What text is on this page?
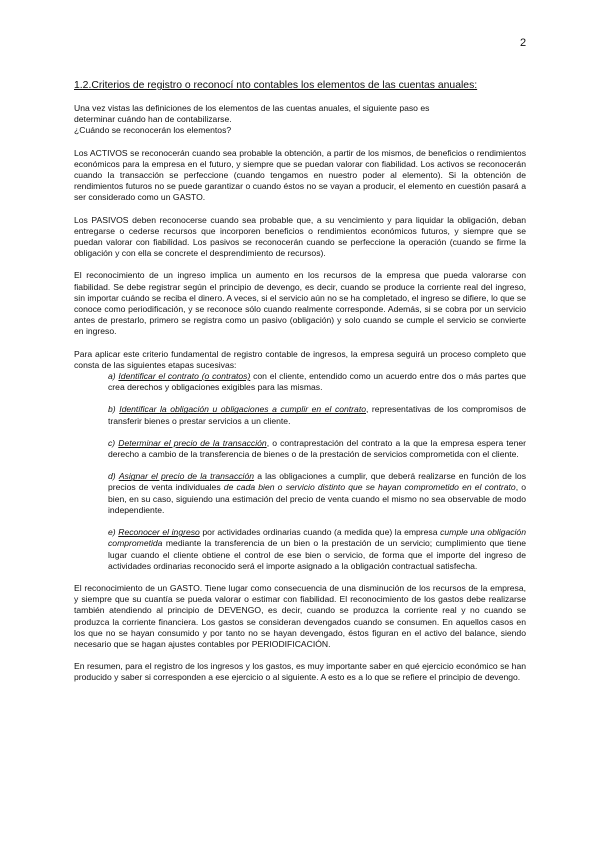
2

1.2.Criterios de registro o reconocí nto contables los elementos de las cuentas anuales:

Una vez vistas las definiciones de los elementos de las cuentas anuales, el siguiente paso es
determinar cuándo han de contabilizarse.
¿Cuándo se reconocerán los elementos?

Los ACTIVOS se reconocerán cuando sea probable la obtención, a partir de los mismos, de beneficios o rendimientos económicos para la empresa en el futuro, y siempre que se puedan valorar con fiabilidad. Los activos se reconocerán cuando la transacción se perfeccione (cuando tengamos en nuestro poder al elemento). Si la obtención de rendimientos futuros no se puede garantizar o cuando éstos no se vayan a producir, el elemento en cuestión pasará a ser considerado como un GASTO.

Los PASIVOS deben reconocerse cuando sea probable que, a su vencimiento y para liquidar la obligación, deban entregarse o cederse recursos que incorporen beneficios o rendimientos económicos futuros, y siempre que se puedan valorar con fiabilidad. Los pasivos se reconocerán cuando se perfeccione la operación (cuando se firme la obligación y con ella se concrete el desprendimiento de recursos).

El reconocimiento de un ingreso implica un aumento en los recursos de la empresa que pueda valorarse con fiabilidad. Se debe registrar según el principio de devengo, es decir, cuando se produce la corriente real del ingreso, sin importar cuándo se reciba el dinero. A veces, si el servicio aún no se ha completado, el ingreso se difiere, lo que se conoce como periodificación, y se reconoce sólo cuando realmente corresponde. Además, si se cobra por un servicio antes de prestarlo, primero se registra como un pasivo (obligación) y solo cuando se cumple el servicio se convierte en ingreso.

Para aplicar este criterio fundamental de registro contable de ingresos, la empresa seguirá un proceso completo que consta de las siguientes etapas sucesivas:

a) Identificar el contrato (o contratos) con el cliente, entendido como un acuerdo entre dos o más partes que crea derechos y obligaciones exigibles para las mismas.

b) Identificar la obligación u obligaciones a cumplir en el contrato, representativas de los compromisos de transferir bienes o prestar servicios a un cliente.

c) Determinar el precio de la transacción, o contraprestación del contrato a la que la empresa espera tener derecho a cambio de la transferencia de bienes o de la prestación de servicios comprometida con el cliente.

d) Asignar el precio de la transacción a las obligaciones a cumplir, que deberá realizarse en función de los precios de venta individuales de cada bien o servicio distinto que se hayan comprometido en el contrato, o bien, en su caso, siguiendo una estimación del precio de venta cuando el mismo no sea observable de modo independiente.

e) Reconocer el ingreso por actividades ordinarias cuando (a medida que) la empresa cumple una obligación comprometida mediante la transferencia de un bien o la prestación de un servicio; cumplimiento que tiene lugar cuando el cliente obtiene el control de ese bien o servicio, de forma que el importe del ingreso de actividades ordinarias reconocido será el importe asignado a la obligación contractual satisfecha.

El reconocimiento de un GASTO. Tiene lugar como consecuencia de una disminución de los recursos de la empresa, y siempre que su cuantía se pueda valorar o estimar con fiabilidad. El reconocimiento de los gastos debe realizarse también atendiendo al principio de DEVENGO, es decir, cuando se produzca la corriente real y no cuando se produzca la corriente financiera. Los gastos se consideran devengados cuando se consumen. En aquellos casos en los que no se hayan consumido y por tanto no se hayan devengado, éstos figuran en el activo del balance, siendo necesario que se hagan ajustes contables por PERIODIFICACIÓN.

En resumen, para el registro de los ingresos y los gastos, es muy importante saber en qué ejercicio económico se han producido y saber si corresponden a ese ejercicio o al siguiente. A esto es a lo que se refiere el principio de devengo.
